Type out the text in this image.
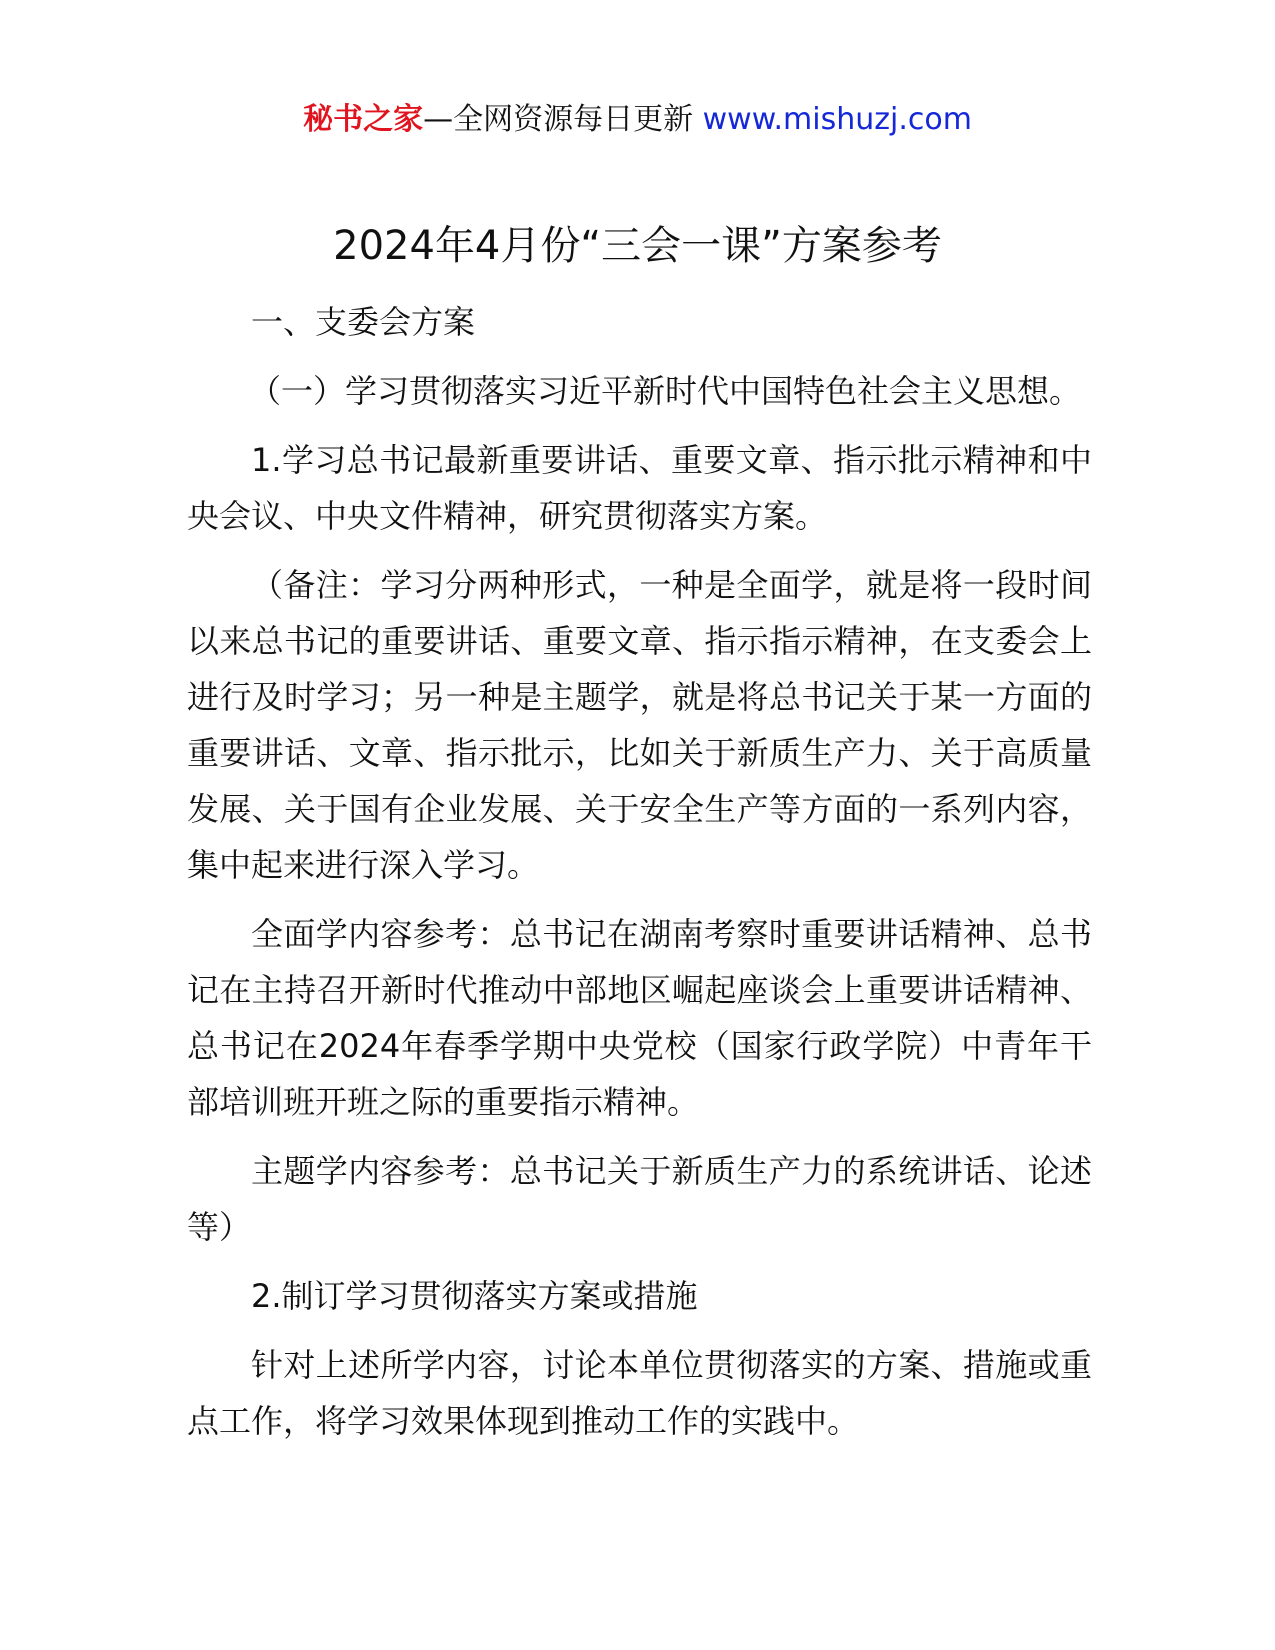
秘书之家—全网资源每日更新 www.mishuzj.com
2024年4月份“三会一课”方案参考

一、支委会方案

（一）学习贯彻落实习近平新时代中国特色社会主义思想。

1.学习总书记最新重要讲话、重要文章、指示批示精神和中央会议、中央文件精神，研究贯彻落实方案。

（备注：学习分两种形式，一种是全面学，就是将一段时间以来总书记的重要讲话、重要文章、指示指示精神，在支委会上进行及时学习；另一种是主题学，就是将总书记关于某一方面的重要讲话、文章、指示批示，比如关于新质生产力、关于高质量发展、关于国有企业发展、关于安全生产等方面的一系列内容，集中起来进行深入学习。

全面学内容参考：总书记在湖南考察时重要讲话精神、总书记在主持召开新时代推动中部地区崛起座谈会上重要讲话精神、总书记在2024年春季学期中央党校（国家行政学院）中青年干部培训班开班之际的重要指示精神。

主题学内容参考：总书记关于新质生产力的系统讲话、论述等）

2.制订学习贯彻落实方案或措施

针对上述所学内容，讨论本单位贯彻落实的方案、措施或重点工作，将学习效果体现到推动工作的实践中。
